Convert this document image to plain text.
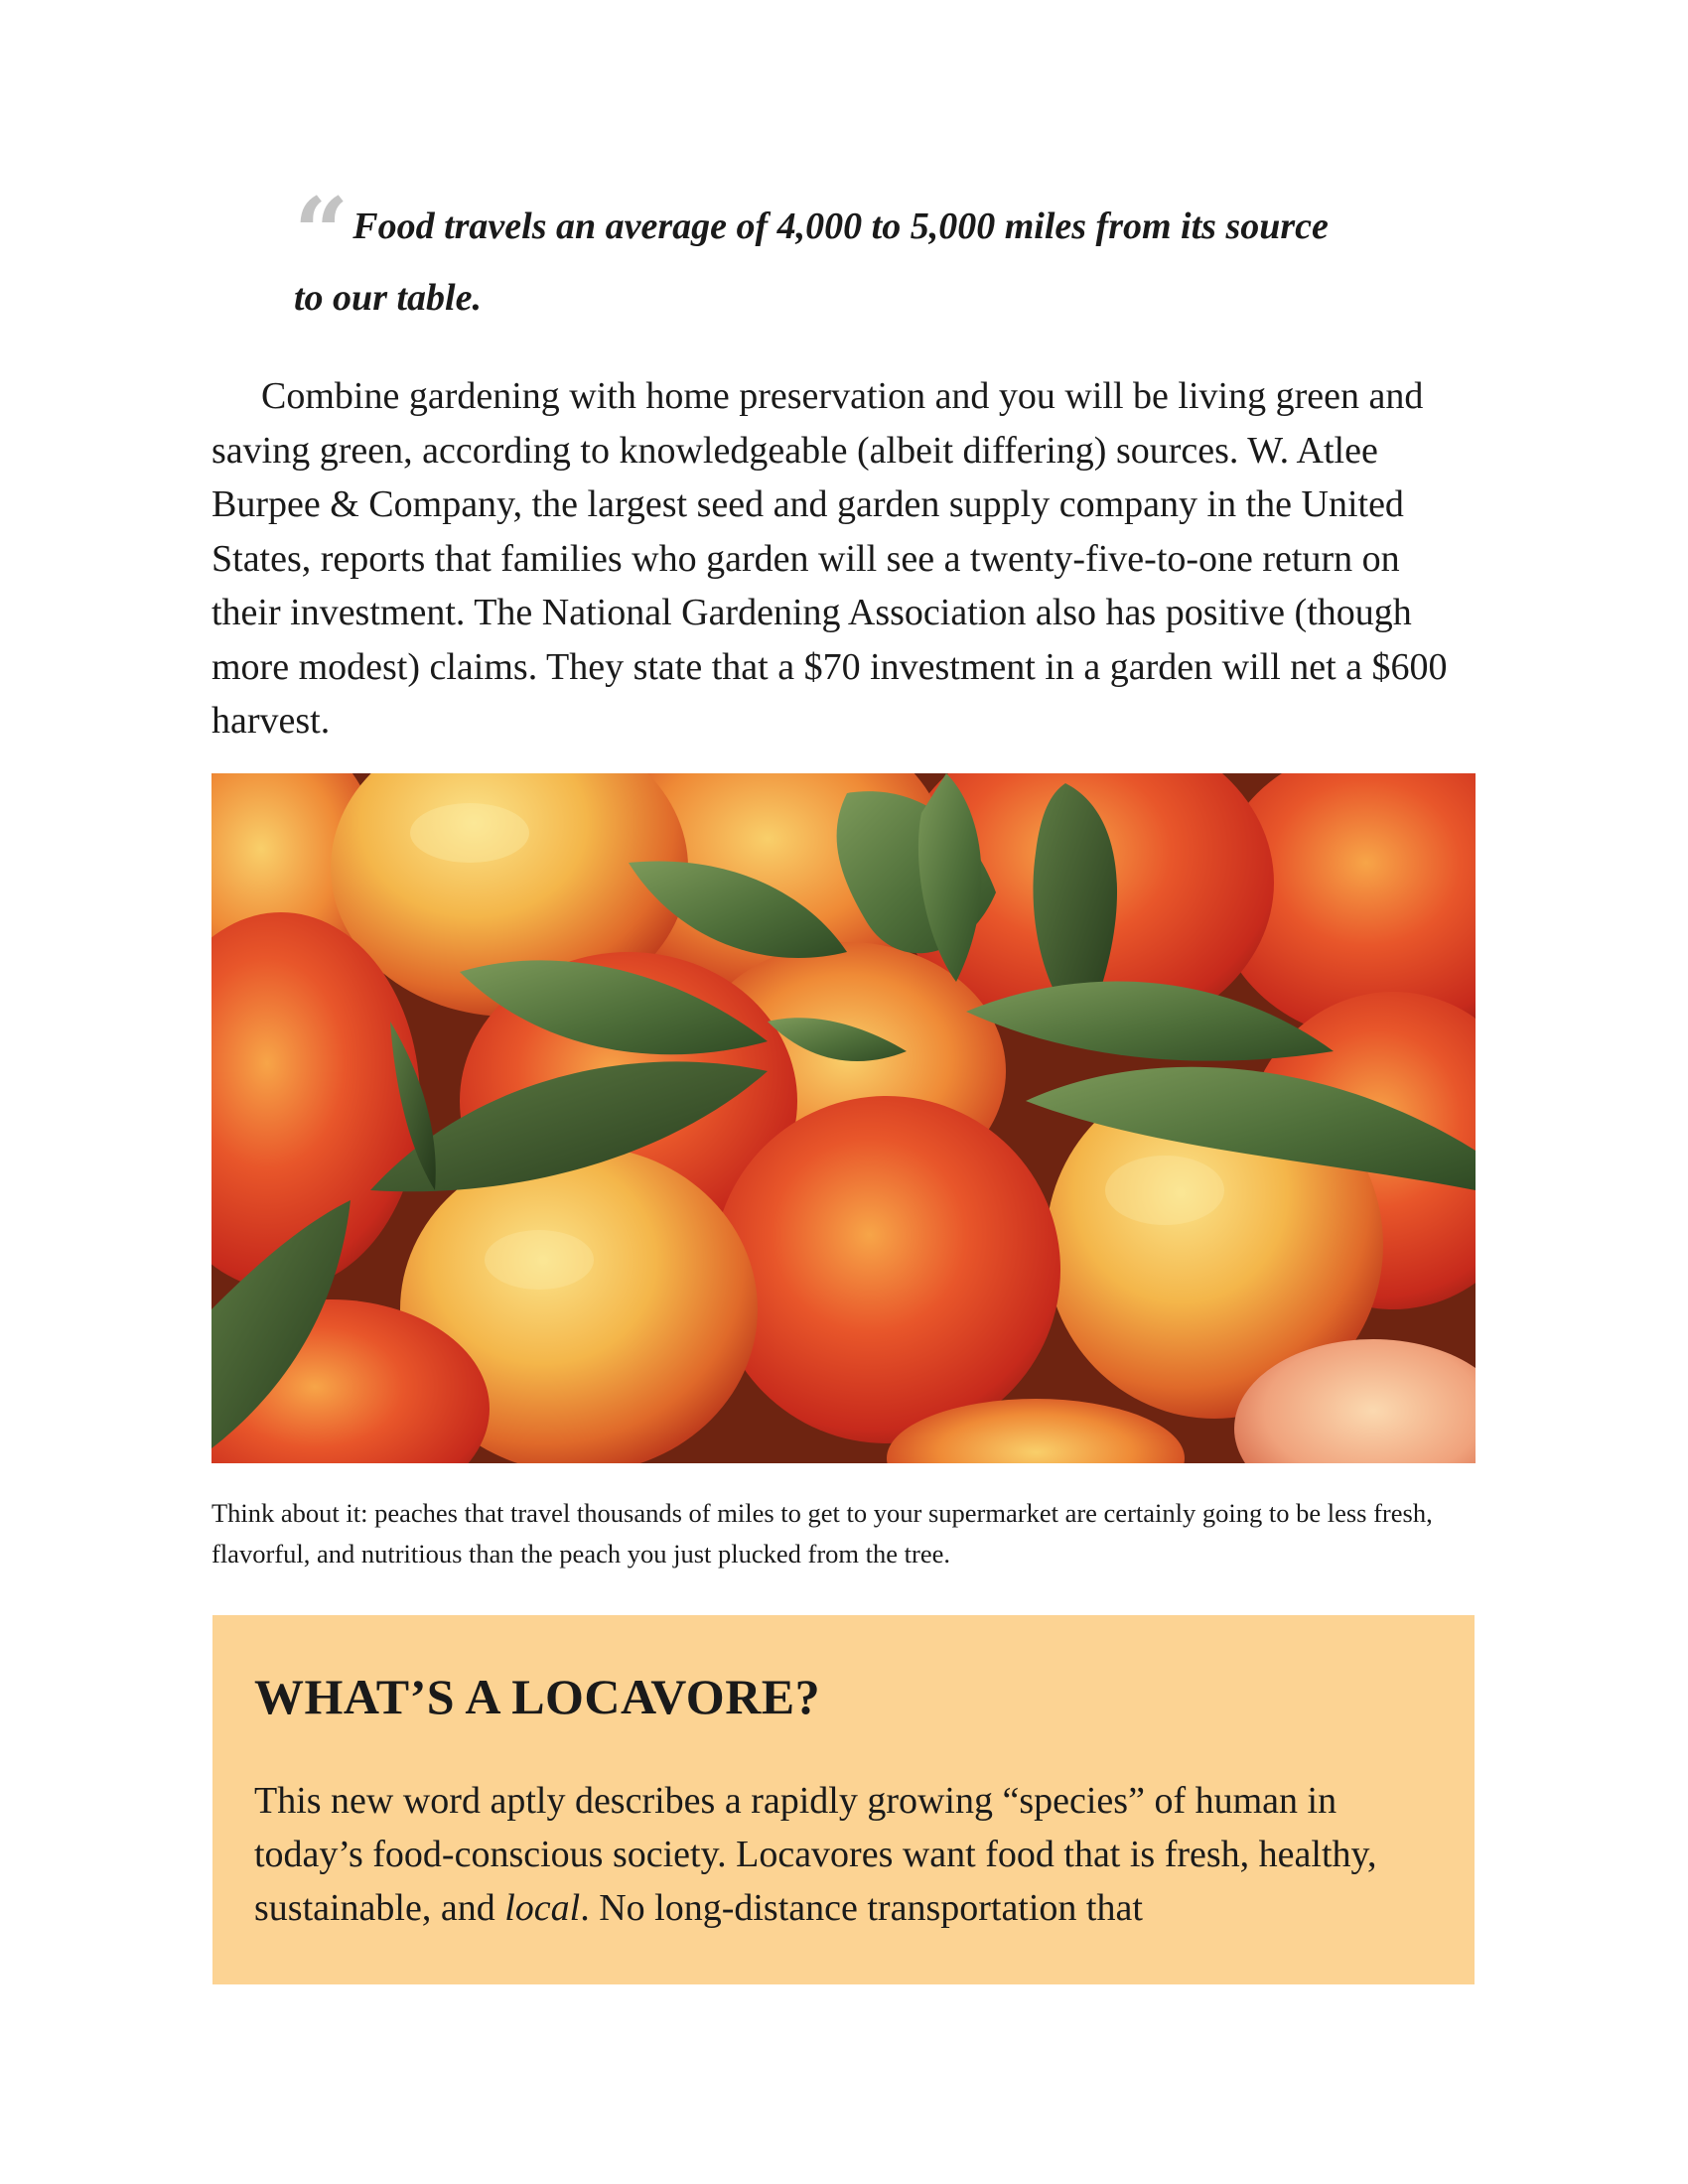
“ Food travels an average of 4,000 to 5,000 miles from its source to our table.

Combine gardening with home preservation and you will be living green and saving green, according to knowledgeable (albeit differing) sources. W. Atlee Burpee & Company, the largest seed and garden supply company in the United States, reports that families who garden will see a twenty-five-to-one return on their investment. The National Gardening Association also has positive (though more modest) claims. They state that a $70 investment in a garden will net a $600 harvest.

Think about it: peaches that travel thousands of miles to get to your supermarket are certainly going to be less fresh, flavorful, and nutritious than the peach you just plucked from the tree.

WHAT’S A LOCAVORE?

This new word aptly describes a rapidly growing “species” of human in today’s food-conscious society. Locavores want food that is fresh, healthy, sustainable, and local. No long-distance transportation that
